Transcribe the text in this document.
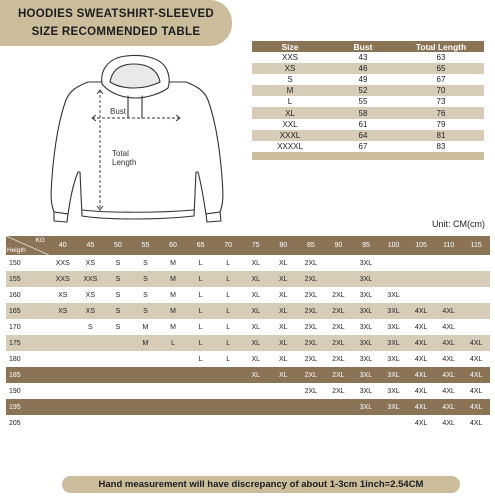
HOODIES SWEATSHIRT-SLEEVED
SIZE RECOMMENDED TABLE
Bust
Total
Length
Size	Bust	Total Length
XXS	43	63
XS	46	65
S	49	67
M	52	70
L	55	73
XL	58	76
XXL	61	79
XXXL	64	81
XXXXL	67	83

Unit: CM(cm)
KG
Heigth	40	45	50	55	60	65	70	75	80	85	90	95	100	105	110	115
150	XXS	XS	S	S	M	L	L	XL	XL	2XL		3XL				
155	XXS	XXS	S	S	M	L	L	XL	XL	2XL		3XL				
160	XS	XS	S	S	M	L	L	XL	XL	2XL	2XL	3XL	3XL			
165	XS	XS	S	S	M	L	L	XL	XL	2XL	2XL	3XL	3XL	4XL	4XL	
170		S	S	M	M	L	L	XL	XL	2XL	2XL	3XL	3XL	4XL	4XL	
175				M	L	L	L	XL	XL	2XL	2XL	3XL	3XL	4XL	4XL	4XL
180						L	L	XL	XL	2XL	2XL	3XL	3XL	4XL	4XL	4XL
185								XL	XL	2XL	2XL	3XL	3XL	4XL	4XL	4XL
190										2XL	2XL	3XL	3XL	4XL	4XL	4XL
195												3XL	3XL	4XL	4XL	4XL
205														4XL	4XL	4XL
Hand measurement will have discrepancy of about 1-3cm 1inch=2.54CM
